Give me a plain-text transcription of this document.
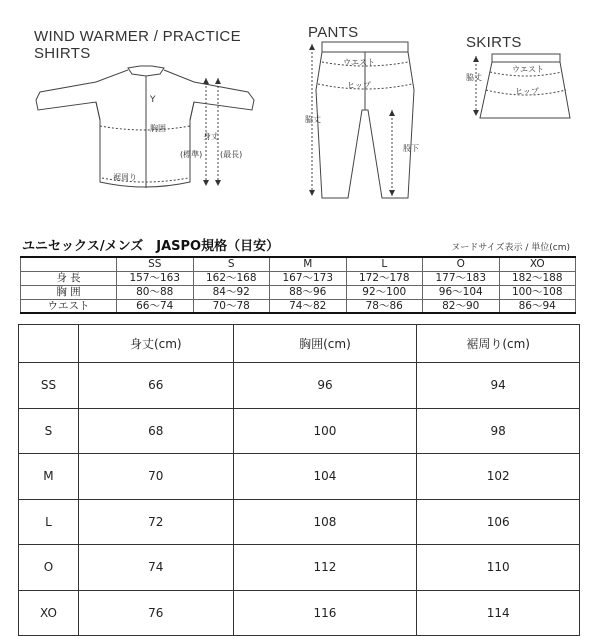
WIND WARMER / PRACTICE
SHIRTS
Y
胸囲
身丈
(標準) (最長)
裾周り
PANTS
ウエスト
ヒップ
脇丈
股下
SKIRTS
脇丈
ウエスト
ヒップ
ユニセックス/メンズ　JASPO規格（目安）	ヌードサイズ表示 / 単位(cm)
	SS	S	M	L	O	XO
身 長	157〜163	162〜168	167〜173	172〜178	177〜183	182〜188
胸 囲	80〜88	84〜92	88〜96	92〜100	96〜104	100〜108
ウエスト	66〜74	70〜78	74〜82	78〜86	82〜90	86〜94
	身丈(cm)	胸囲(cm)	裾周り(cm)
SS	66	96	94
S	68	100	98
M	70	104	102
L	72	108	106
O	74	112	110
XO	76	116	114
